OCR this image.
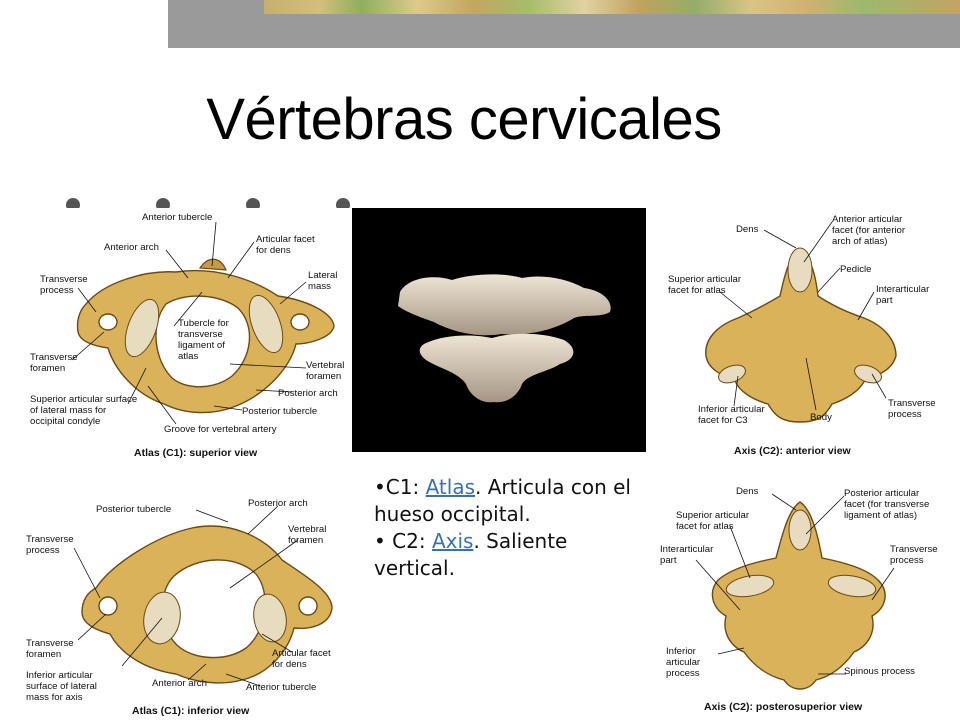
Vértebras cervicales
Anterior tubercle
Anterior arch
Articular facet
for dens
Transverse
process
Lateral
mass
Tubercle for
transverse
ligament of
atlas
Transverse
foramen	Vertebral
foramen
Posterior arch
Superior articular surface
of lateral mass for
occipital condyle
Posterior tubercle
Groove for vertebral artery
Atlas (C1): superior view
Posterior tubercle
Posterior arch
Vertebral
foramen
Transverse
process
Transverse
foramen
Inferior articular
surface of lateral
mass for axis
Articular facet
for dens
Anterior arch	Anterior tubercle
Atlas (C1): inferior view
Dens
Anterior articular
facet (for anterior
arch of atlas)
Pedicle
Superior articular
facet for atlas	Interarticular
part
Inferior articular
facet for C3	Body
Transverse
process
Axis (C2): anterior view
Dens	Posterior articular
facet (for transverse
ligament of atlas)
Superior articular
facet for atlas
Interarticular
part
Transverse
process
Inferior
articular
process	Spinous process
Axis (C2): posterosuperior view

•C1: Atlas. Articula con el hueso occipital.

• C2: Axis. Saliente vertical.
